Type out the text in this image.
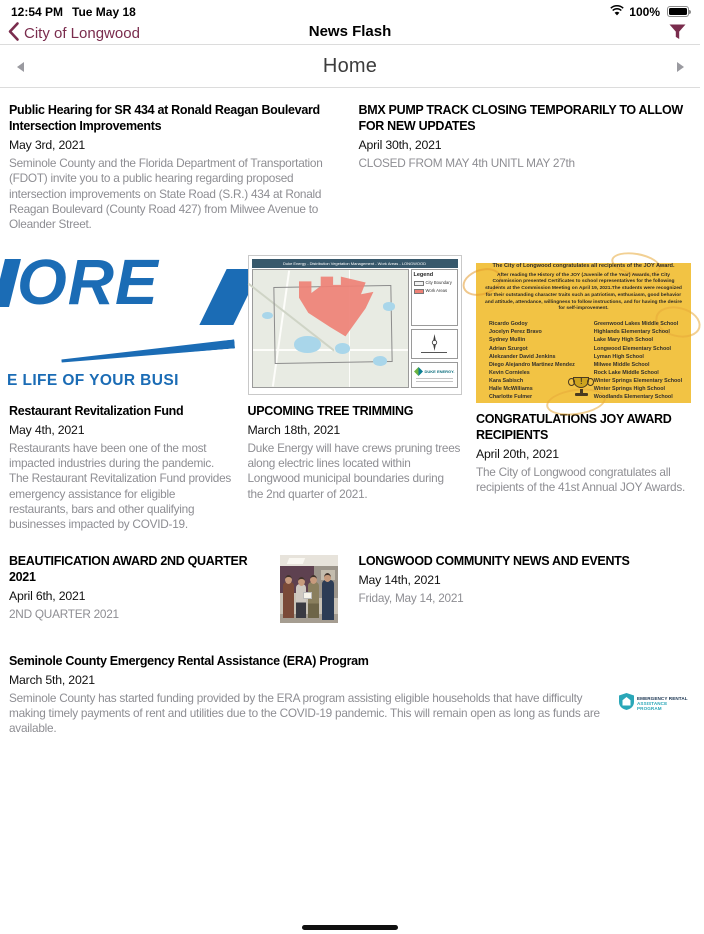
12:54 PM Tue May 18	100%
City of Longwood	News Flash
Home
Public Hearing for SR 434 at Ronald Reagan Boulevard Intersection Improvements
May 3rd, 2021

Seminole County and the Florida Department of Transportation (FDOT) invite you to a public hearing regarding proposed intersection improvements on State Road (S.R.) 434 at Ronald Reagan Boulevard (County Road 427) from Milwee Avenue to Oleander Street.

BMX PUMP TRACK CLOSING TEMPORARILY TO ALLOW FOR NEW UPDATES
April 30th, 2021

CLOSED FROM MAY 4th UNITL MAY 27th

ORE
E LIFE OF YOUR BUSI
Restaurant Revitalization Fund
May 4th, 2021

Restaurants have been one of the most impacted industries during the pandemic. The Restaurant Revitalization Fund provides emergency assistance for eligible restaurants, bars and other qualifying businesses impacted by COVID-19.

Duke Energy - Distribution Vegetation Management - Work Areas - LONGWOOD
Legend
City Boundary
Work Areas
DUKE ENERGY.
UPCOMING TREE TRIMMING
March 18th, 2021

Duke Energy will have crews pruning trees along electric lines located within Longwood municipal boundaries during the 2nd quarter of 2021.

The City of Longwood congratulates all recipients of the JOY Award.
After reading the History of the JOY (Juvenile of the Year) Awards, the City Commission presented Certificates to school representatives for the following students at the Commission Meeting on April 19, 2021.The students were recognized for their outstanding character traits such as patriotism, enthusiasm, good behavior and attitude, attendance, willingness to follow instructions, and for having the desire for self-improvement.
Ricardo Godoy	Greenwood Lakes Middle School
Jocelyn Perez Bravo	Highlands Elementary School
Sydney Mullin	Lake Mary High School
Adrian Szurgot	Longwood Elementary School
Alekzander David Jenkins	Lyman High School
Diego Alejandro Martinez Mendez	Milwee Middle School
Kevin Cornieles	Rock Lake Middle School
Kara Sabisch	Winter Springs Elementary School
Halle McWilliams	Winter Springs High School
Charlotte Fulmer	Woodlands Elementary School
!
CONGRATULATIONS JOY AWARD RECIPIENTS
April 20th, 2021

The City of Longwood congratulates all recipients of the 41st Annual JOY Awards.

BEAUTIFICATION AWARD 2ND QUARTER 2021
April 6th, 2021

2ND QUARTER 2021

LONGWOOD COMMUNITY NEWS AND EVENTS
May 14th, 2021

Friday, May 14, 2021

Seminole County Emergency Rental Assistance (ERA) Program
March 5th, 2021

Seminole County has started funding provided by the ERA program assisting eligible households that have difficulty making timely payments of rent and utilities due to the COVID-19 pandemic. This will remain open as long as funds are available.

EMERGENCY RENTAL
ASSISTANCE PROGRAM
